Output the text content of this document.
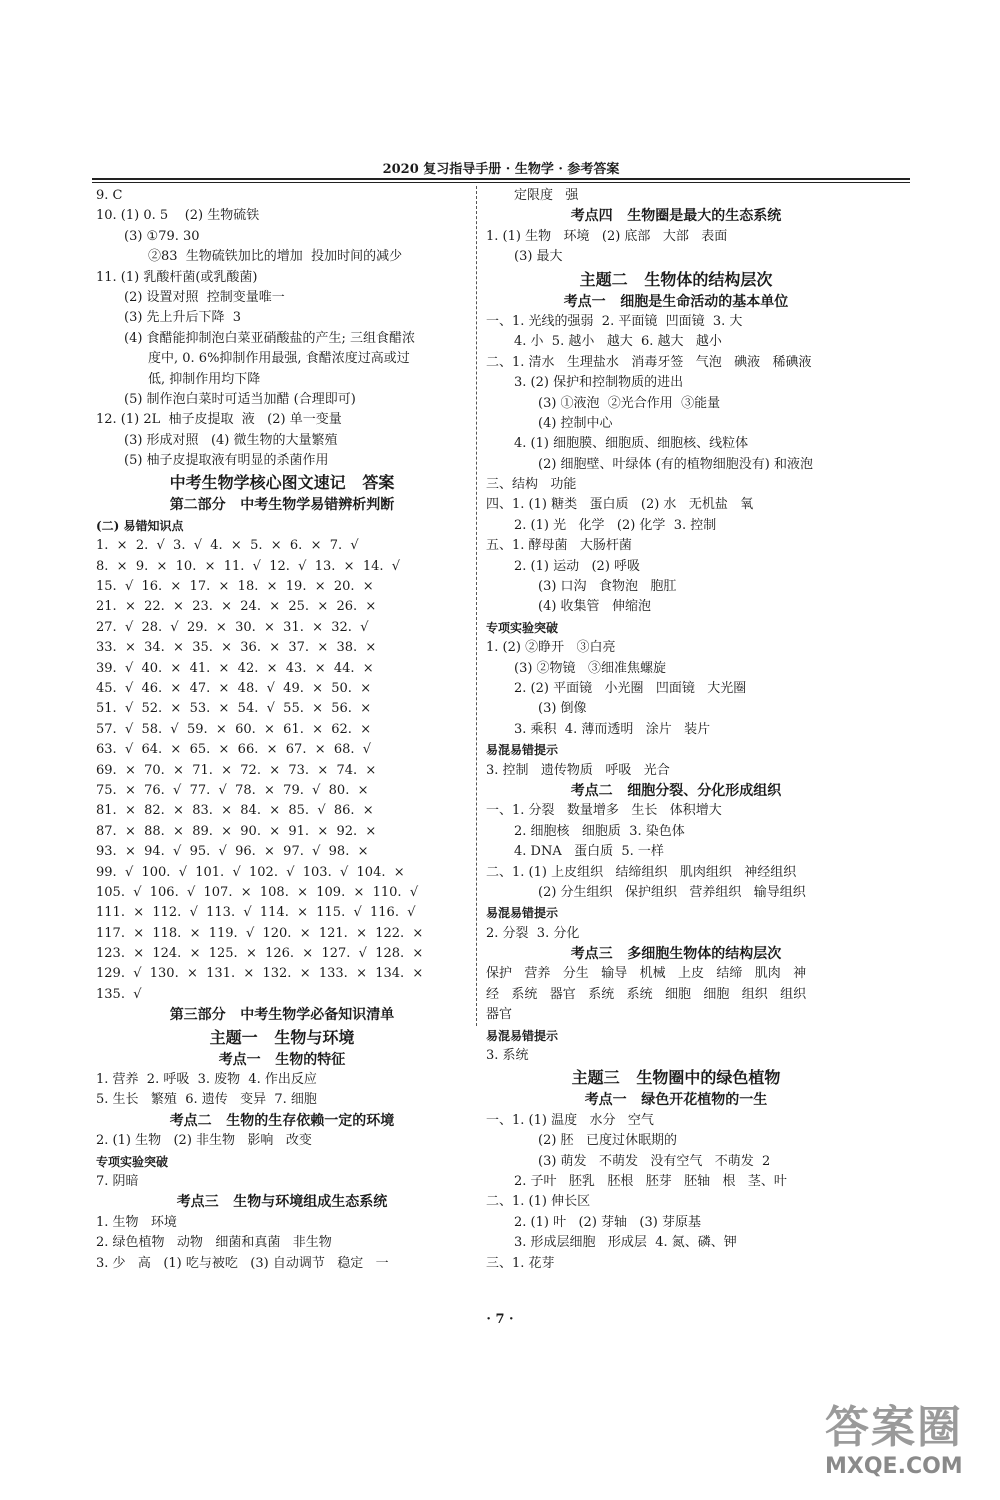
2020 复习指导手册 · 生物学 · 参考答案
9. C
10. (1) 0. 5    (2) 生物硫铁
(3) ①79. 30
②83  生物硫铁加比的增加  投加时间的减少
11. (1) 乳酸杆菌(或乳酸菌)
(2) 设置对照  控制变量唯一
(3) 先上升后下降  3
(4) 食醋能抑制泡白菜亚硝酸盐的产生; 三组食醋浓
度中, 0. 6%抑制作用最强, 食醋浓度过高或过
低, 抑制作用均下降
(5) 制作泡白菜时可适当加醋 (合理即可)
12. (1) 2L  柚子皮提取  液   (2) 单一变量
(3) 形成对照   (4) 微生物的大量繁殖
(5) 柚子皮提取液有明显的杀菌作用
中考生物学核心图文速记   答案
第二部分   中考生物学易错辨析判断
(二) 易错知识点
1.  ×  2.  √  3.  √  4.  ×  5.  ×  6.  ×  7.  √
8.  ×  9.  ×  10.  ×  11.  √  12.  √  13.  ×  14.  √
15.  √  16.  ×  17.  ×  18.  ×  19.  ×  20.  ×
21.  ×  22.  ×  23.  ×  24.  ×  25.  ×  26.  ×
27.  √  28.  √  29.  ×  30.  ×  31.  ×  32.  √
33.  ×  34.  ×  35.  ×  36.  ×  37.  ×  38.  ×
39.  √  40.  ×  41.  ×  42.  ×  43.  ×  44.  ×
45.  √  46.  ×  47.  ×  48.  √  49.  ×  50.  ×
51.  √  52.  ×  53.  ×  54.  √  55.  ×  56.  ×
57.  √  58.  √  59.  ×  60.  ×  61.  ×  62.  ×
63.  √  64.  ×  65.  ×  66.  ×  67.  ×  68.  √
69.  ×  70.  ×  71.  ×  72.  ×  73.  ×  74.  ×
75.  ×  76.  √  77.  √  78.  ×  79.  √  80.  ×
81.  ×  82.  ×  83.  ×  84.  ×  85.  √  86.  ×
87.  ×  88.  ×  89.  ×  90.  ×  91.  ×  92.  ×
93.  ×  94.  √  95.  √  96.  ×  97.  √  98.  ×
99.  √  100.  √  101.  √  102.  √  103.  √  104.  ×
105.  √  106.  √  107.  ×  108.  ×  109.  ×  110.  √
111.  ×  112.  √  113.  √  114.  ×  115.  √  116.  √
117.  ×  118.  ×  119.  √  120.  ×  121.  ×  122.  ×
123.  ×  124.  ×  125.  ×  126.  ×  127.  √  128.  ×
129.  √  130.  ×  131.  ×  132.  ×  133.  ×  134.  ×
135.  √
第三部分   中考生物学必备知识清单
主题一   生物与环境
考点一   生物的特征
1. 营养  2. 呼吸  3. 废物  4. 作出反应
5. 生长   繁殖  6. 遗传   变异  7. 细胞
考点二   生物的生存依赖一定的环境
2. (1) 生物   (2) 非生物   影响   改变
专项实验突破
7. 阴暗
考点三   生物与环境组成生态系统
1. 生物   环境
2. 绿色植物   动物   细菌和真菌   非生物
3. 少   高   (1) 吃与被吃   (3) 自动调节   稳定   一
定限度   强
考点四   生物圈是最大的生态系统
1. (1) 生物   环境   (2) 底部   大部   表面
(3) 最大
主题二   生物体的结构层次
考点一   细胞是生命活动的基本单位
一、1. 光线的强弱  2. 平面镜  凹面镜  3. 大
4. 小  5. 越小   越大  6. 越大   越小
二、1. 清水   生理盐水   消毒牙签   气泡   碘液   稀碘液
3. (2) 保护和控制物质的进出
(3) ①液泡  ②光合作用  ③能量
(4) 控制中心
4. (1) 细胞膜、细胞质、细胞核、线粒体
(2) 细胞壁、叶绿体 (有的植物细胞没有) 和液泡
三、结构   功能
四、1. (1) 糖类   蛋白质   (2) 水   无机盐   氧
2. (1) 光   化学   (2) 化学  3. 控制
五、1. 酵母菌   大肠杆菌
2. (1) 运动   (2) 呼吸
(3) 口沟   食物泡   胞肛
(4) 收集管   伸缩泡
专项实验突破
1. (2) ②睁开   ③白亮
(3) ②物镜   ③细准焦螺旋
2. (2) 平面镜   小光圈   凹面镜   大光圈
(3) 倒像
3. 乘积  4. 薄而透明   涂片   装片
易混易错提示
3. 控制   遗传物质   呼吸   光合
考点二   细胞分裂、分化形成组织
一、1. 分裂   数量增多   生长   体积增大
2. 细胞核   细胞质  3. 染色体
4. DNA   蛋白质  5. 一样
二、1. (1) 上皮组织   结缔组织   肌肉组织   神经组织
(2) 分生组织   保护组织   营养组织   输导组织
易混易错提示
2. 分裂  3. 分化
考点三   多细胞生物体的结构层次
保护   营养   分生   输导   机械   上皮   结缔   肌肉   神
经   系统   器官   系统   系统   细胞   细胞   组织   组织
器官
易混易错提示
3. 系统
主题三   生物圈中的绿色植物
考点一   绿色开花植物的一生
一、1. (1) 温度   水分   空气
(2) 胚   已度过休眠期的
(3) 萌发   不萌发   没有空气   不萌发  2
2. 子叶   胚乳   胚根   胚芽   胚轴   根   茎、叶
二、1. (1) 伸长区
2. (1) 叶   (2) 芽轴   (3) 芽原基
3. 形成层细胞   形成层  4. 氮、磷、钾
三、1. 花芽
· 7 ·
答案圈
MXQE.COM
